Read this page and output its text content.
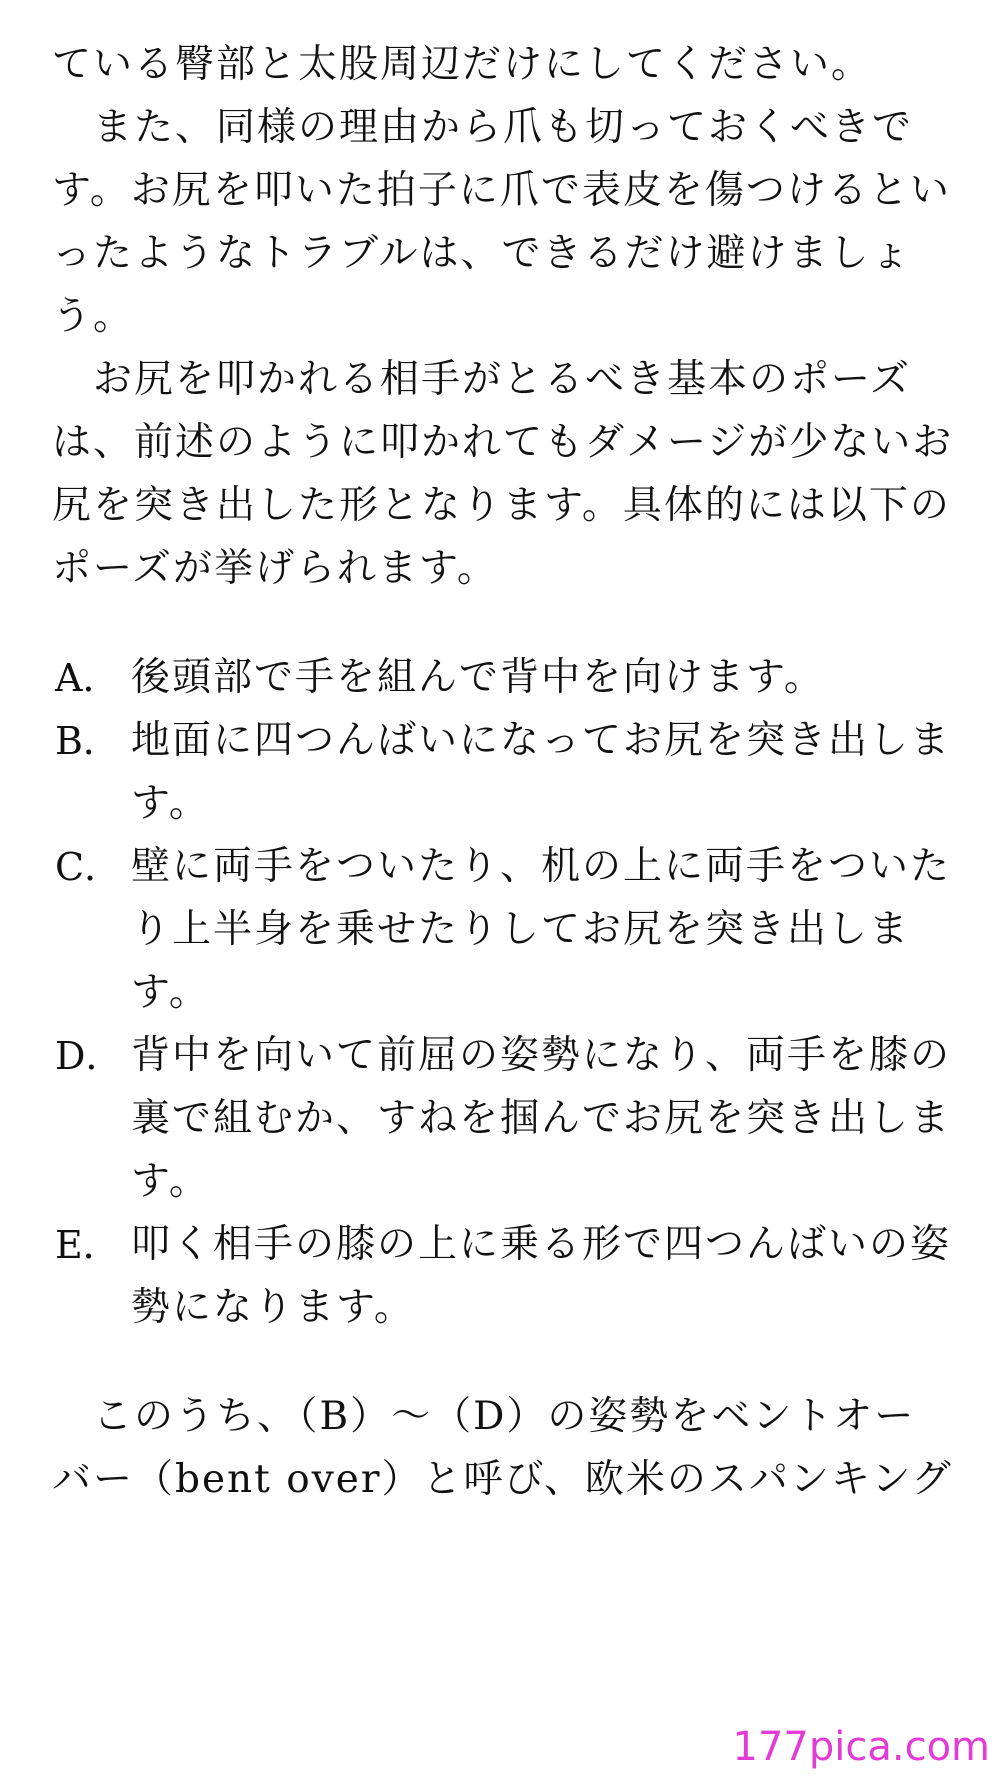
ている臀部と太股周辺だけにしてください。
　また、同様の理由から爪も切っておくべきで
す。お尻を叩いた拍子に爪で表皮を傷つけるとい
ったようなトラブルは、できるだけ避けましょ
う。
　お尻を叩かれる相手がとるべき基本のポーズ
は、前述のように叩かれてもダメージが少ないお
尻を突き出した形となります。具体的には以下の
ポーズが挙げられます。
A． 後頭部で手を組んで背中を向けます。
B． 地面に四つんばいになってお尻を突き出しま
す。
C． 壁に両手をついたり、机の上に両手をついた
り上半身を乗せたりしてお尻を突き出しま
す。
D． 背中を向いて前屈の姿勢になり、両手を膝の
裏で組むか、すねを掴んでお尻を突き出しま
す。
E． 叩く相手の膝の上に乗る形で四つんばいの姿
勢になります。
　このうち、（B）〜（D）の姿勢をベントオー
バー（bent over）と呼び、欧米のスパンキング
177pica.com
